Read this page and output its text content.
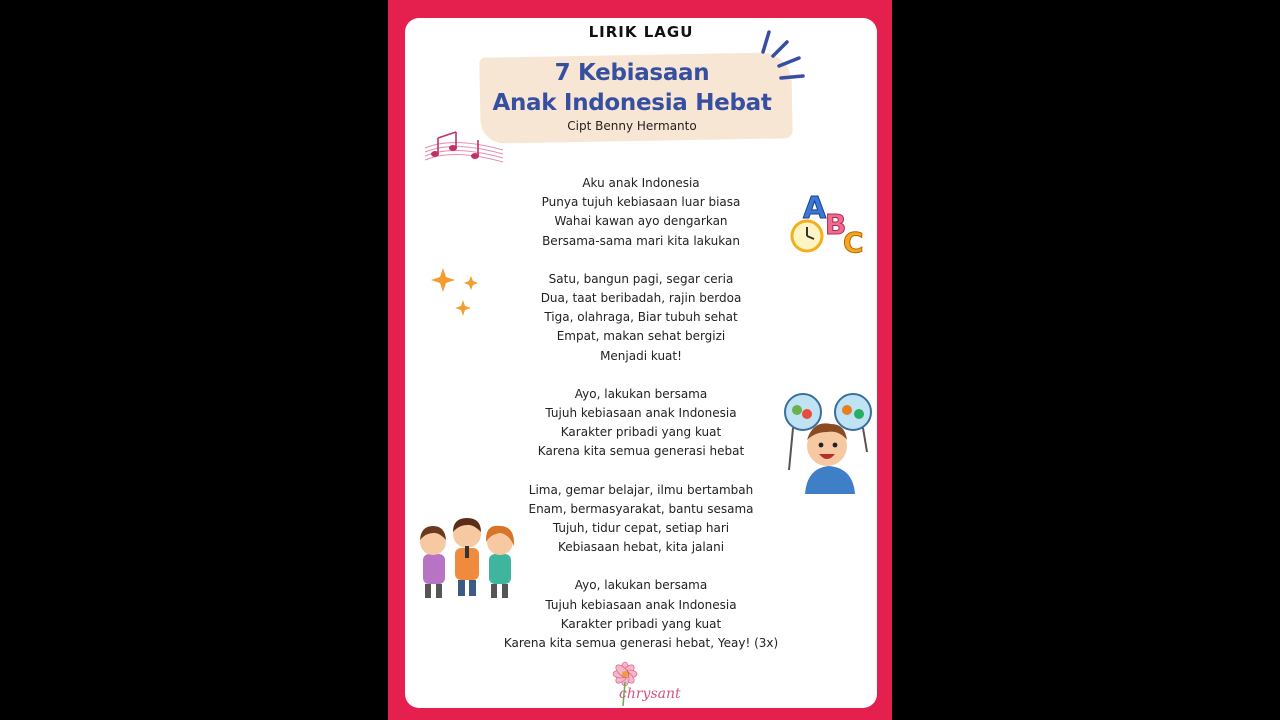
LIRIK LAGU
7 Kebiasaan
Anak Indonesia Hebat
Cipt Benny Hermanto
A
B
C
Aku anak Indonesia
Punya tujuh kebiasaan luar biasa
Wahai kawan ayo dengarkan
Bersama-sama mari kita lakukan
Satu, bangun pagi, segar ceria
Dua, taat beribadah, rajin berdoa
Tiga, olahraga, Biar tubuh sehat
Empat, makan sehat bergizi
Menjadi kuat!
Ayo, lakukan bersama
Tujuh kebiasaan anak Indonesia
Karakter pribadi yang kuat
Karena kita semua generasi hebat
Lima, gemar belajar, ilmu bertambah
Enam, bermasyarakat, bantu sesama
Tujuh, tidur cepat, setiap hari
Kebiasaan hebat, kita jalani
Ayo, lakukan bersama
Tujuh kebiasaan anak Indonesia
Karakter pribadi yang kuat
Karena kita semua generasi hebat, Yeay! (3x)
chrysant
